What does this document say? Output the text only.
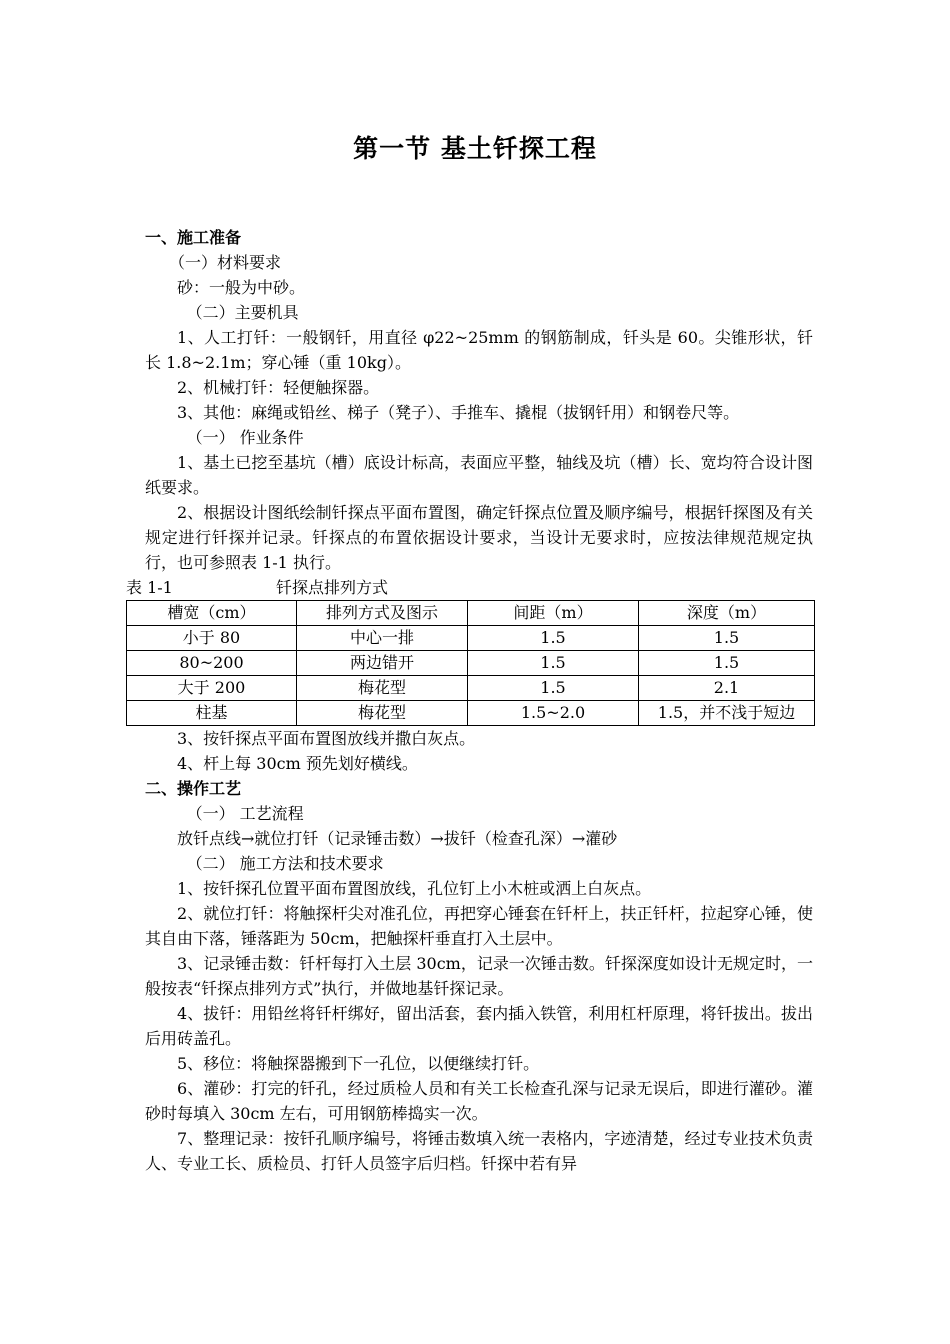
第一节 基土钎探工程

一、施工准备

（一）材料要求

砂：一般为中砂。

（二）主要机具

1、人工打钎：一般钢钎，用直径 φ22~25mm 的钢筋制成，钎头是 60。尖锥形状，钎长 1.8~2.1m；穿心锤（重 10kg）。

2、机械打钎：轻便触探器。

3、其他：麻绳或铅丝、梯子（凳子）、手推车、撬棍（拔钢钎用）和钢卷尺等。

（一） 作业条件

1、基土已挖至基坑（槽）底设计标高，表面应平整，轴线及坑（槽）长、宽均符合设计图纸要求。

2、根据设计图纸绘制钎探点平面布置图，确定钎探点位置及顺序编号，根据钎探图及有关规定进行钎探并记录。钎探点的布置依据设计要求，当设计无要求时，应按法律规范规定执行，也可参照表 1-1 执行。

表 1-1	钎探点排列方式
槽宽（cm）	排列方式及图示	间距（m）	深度（m）
小于 80	中心一排	1.5	1.5
80~200	两边错开	1.5	1.5
大于 200	梅花型	1.5	2.1
柱基	梅花型	1.5~2.0	1.5，并不浅于短边

3、按钎探点平面布置图放线并撒白灰点。

4、杆上每 30cm 预先划好横线。

二、操作工艺

（一） 工艺流程

放钎点线→就位打钎（记录锤击数）→拔钎（检查孔深）→灌砂

（二） 施工方法和技术要求

1、按钎探孔位置平面布置图放线，孔位钉上小木桩或洒上白灰点。

2、就位打钎：将触探杆尖对准孔位，再把穿心锤套在钎杆上，扶正钎杆，拉起穿心锤，使其自由下落，锤落距为 50cm，把触探杆垂直打入土层中。

3、记录锤击数：钎杆每打入土层 30cm，记录一次锤击数。钎探深度如设计无规定时，一般按表“钎探点排列方式”执行，并做地基钎探记录。

4、拔钎：用铅丝将钎杆绑好，留出活套，套内插入铁管，利用杠杆原理，将钎拔出。拔出后用砖盖孔。

5、移位：将触探器搬到下一孔位，以便继续打钎。

6、灌砂：打完的钎孔，经过质检人员和有关工长检查孔深与记录无误后，即进行灌砂。灌砂时每填入 30cm 左右，可用钢筋棒捣实一次。

7、整理记录：按钎孔顺序编号，将锤击数填入统一表格内，字迹清楚，经过专业技术负责人、专业工长、质检员、打钎人员签字后归档。钎探中若有异
